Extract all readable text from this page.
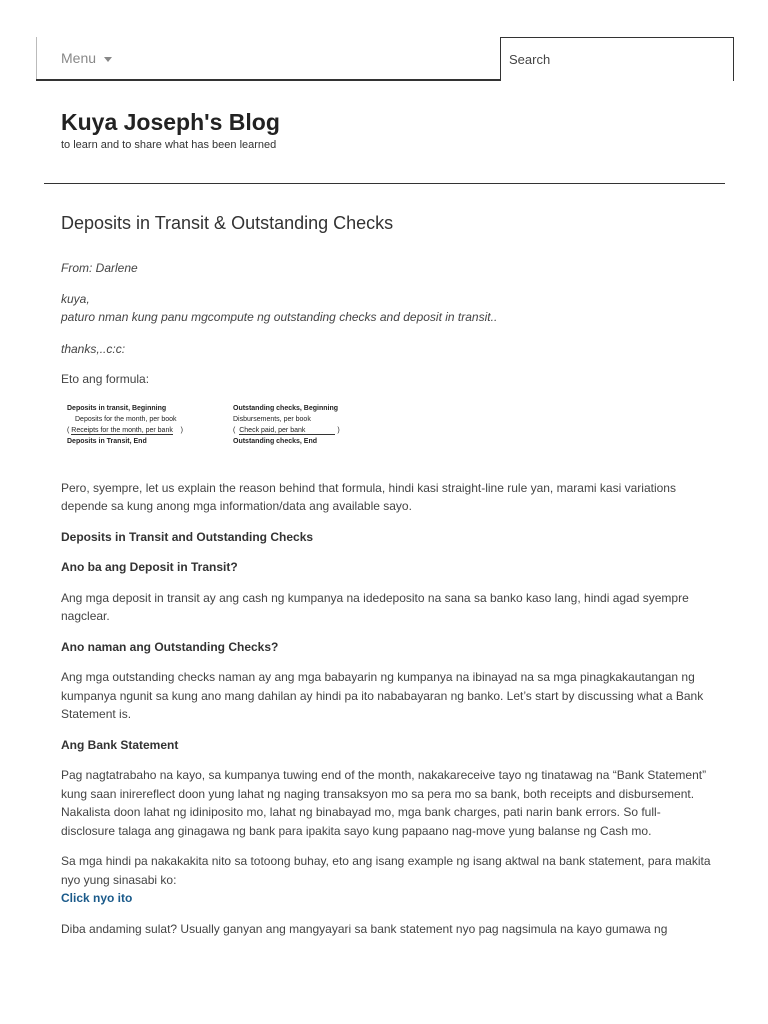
Menu
Search
Kuya Joseph's Blog

to learn and to share what has been learned

Deposits in Transit & Outstanding Checks

From: Darlene

kuya,
paturo nman kung panu mgcompute ng outstanding checks and deposit in transit..

thanks,..c:c:

Eto ang formula:

Deposits in transit, Beginning
Deposits for the month, per book
( Receipts for the month, per bank    )
Deposits in Transit, End
Outstanding checks, Beginning
Disbursements, per book
(  Check paid, per bank	)
Outstanding checks, End

Pero, syempre, let us explain the reason behind that formula, hindi kasi straight-line rule yan, marami kasi variations depende sa kung anong mga information/data ang available sayo.

Deposits in Transit and Outstanding Checks

Ano ba ang Deposit in Transit?

Ang mga deposit in transit ay ang cash ng kumpanya na idedeposito na sana sa banko kaso lang, hindi agad syempre nagclear.

Ano naman ang Outstanding Checks?

Ang mga outstanding checks naman ay ang mga babayarin ng kumpanya na ibinayad na sa mga pinagkakautangan ng kumpanya ngunit sa kung ano mang dahilan ay hindi pa ito nababayaran ng banko. Let’s start by discussing what a Bank Statement is.

Ang Bank Statement

Pag nagtatrabaho na kayo, sa kumpanya tuwing end of the month, nakakareceive tayo ng tinatawag na “Bank Statement” kung saan inirereflect doon yung lahat ng naging transaksyon mo sa pera mo sa bank, both receipts and disbursement. Nakalista doon lahat ng idiniposito mo, lahat ng binabayad mo, mga bank charges, pati narin bank errors. So full-disclosure talaga ang ginagawa ng bank para ipakita sayo kung papaano nag-move yung balanse ng Cash mo.

Sa mga hindi pa nakakakita nito sa totoong buhay, eto ang isang example ng isang aktwal na bank statement, para makita nyo yung sinasabi ko:
Click nyo ito

Diba andaming sulat? Usually ganyan ang mangyayari sa bank statement nyo pag nagsimula na kayo gumawa ng
